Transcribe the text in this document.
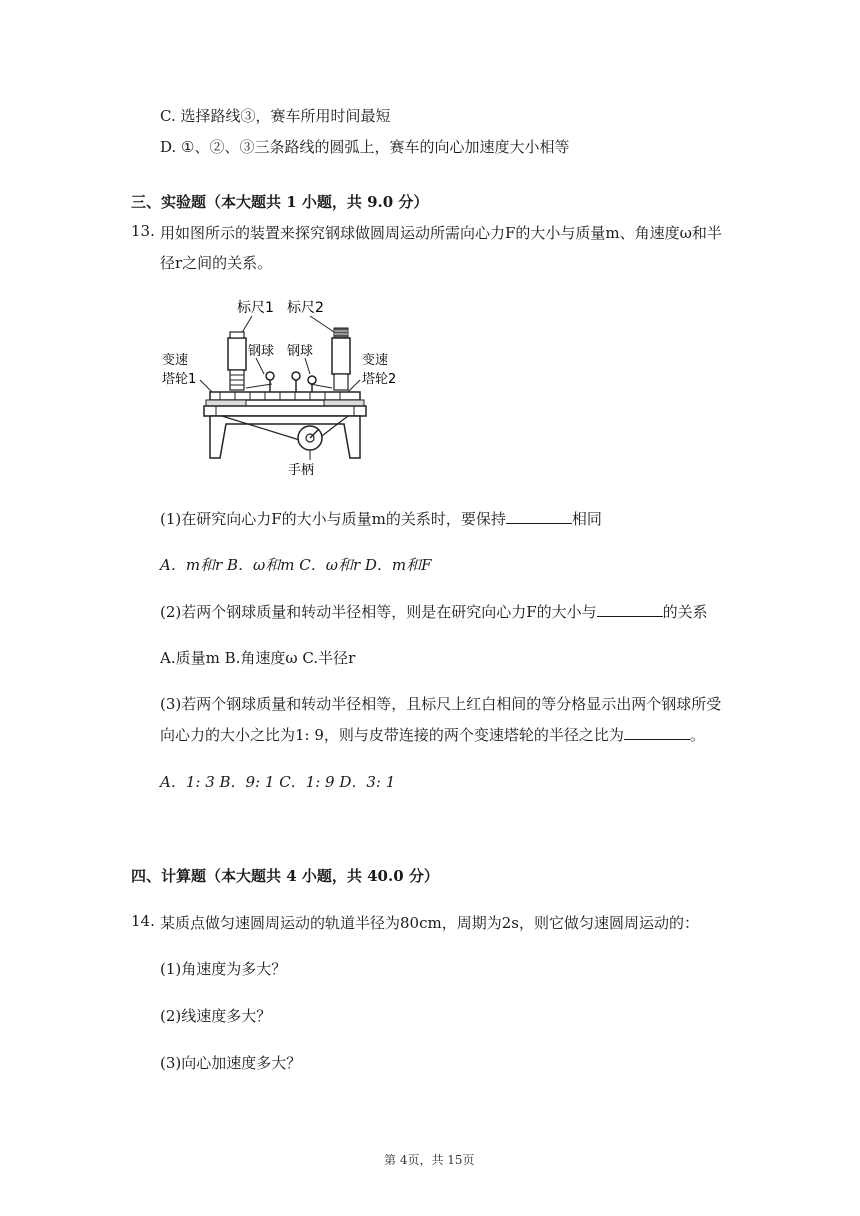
C. 选择路线③，赛车所用时间最短
D. ①、②、③三条路线的圆弧上，赛车的向心加速度大小相等
三、实验题（本大题共 1 小题，共 9.0 分）
13. 用如图所示的装置来探究钢球做圆周运动所需向心力F的大小与质量m、角速度ω和半
径r之间的关系。
标尺1 标尺2
钢球 钢球
变速
塔轮1
变速
塔轮2
手柄
(1)在研究向心力F的大小与质量m的关系时，要保持	相同
A．m和r B．ω和m C．ω和r D．m和F
(2)若两个钢球质量和转动半径相等，则是在研究向心力F的大小与	的关系
A.质量m B.角速度ω C.半径r
(3)若两个钢球质量和转动半径相等，且标尺上红白相间的等分格显示出两个钢球所受
向心力的大小之比为1: 9，则与皮带连接的两个变速塔轮的半径之比为	。
A．1: 3 B．9: 1 C．1: 9 D．3: 1
四、计算题（本大题共 4 小题，共 40.0 分）
14. 某质点做匀速圆周运动的轨道半径为80cm，周期为2s，则它做匀速圆周运动的：
(1)角速度为多大？
(2)线速度多大？
(3)向心加速度多大？
第 4页，共 15页
